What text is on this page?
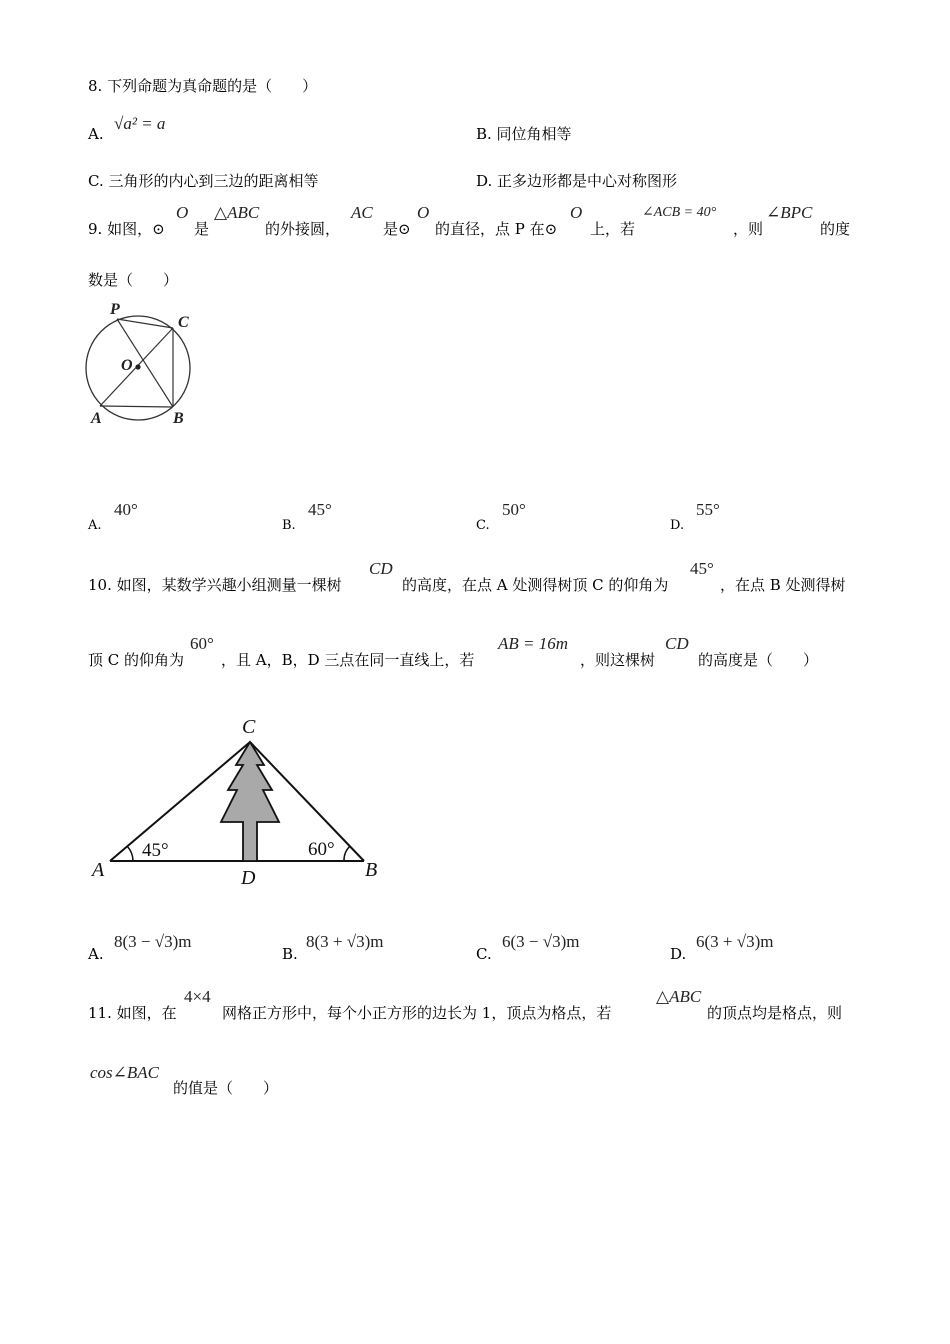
8. 下列命题为真命题的是（　　）
A.
√a² = a
B. 同位角相等
C. 三角形的内心到三边的距离相等	D. 正多边形都是中心对称图形
9. 如图，⊙
O
是
△ABC
的外接圆，
AC
是⊙
O
的直径，点 P 在⊙
O
上，若
∠ACB = 40°
，则
∠BPC
的度
数是（　　）
P
C
O
A	B
A.
40°
B.
45°
C.
50°
D.
55°
10. 如图，某数学兴趣小组测量一棵树
CD
的高度，在点 A 处测得树顶 C 的仰角为
45°
，在点 B 处测得树
顶 C 的仰角为
60°
，且 A，B，D 三点在同一直线上，若
AB = 16m
，则这棵树
CD
的高度是（　　）
45°	60°
C
A	D	B
A.
8(3 − √3)m
B.
8(3 + √3)m
C.
6(3 − √3)m
D.
6(3 + √3)m
11. 如图，在
4×4
网格正方形中，每个小正方形的边长为 1，顶点为格点，若
△ABC
的顶点均是格点，则
cos∠BAC
的值是（　　）
